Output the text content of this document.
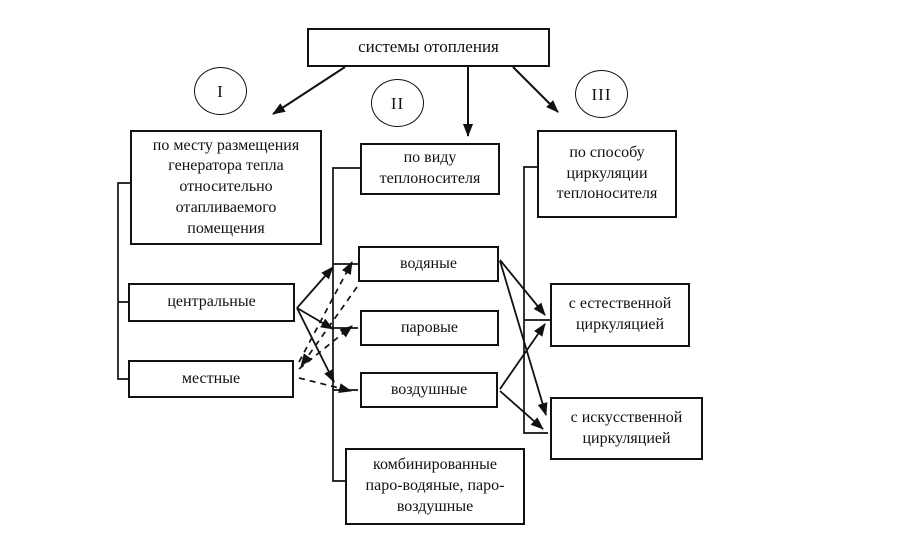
системы отопления
I
II	III
по месту размещения генератора тепла относительно отапливаемого помещения
центральные
местные
по виду теплоносителя
водяные
паровые
воздушные
комбинированные паро-водяные, паро-воздушные
по способу циркуляции теплоносителя
с естественной циркуляцией
с искусственной циркуляцией
